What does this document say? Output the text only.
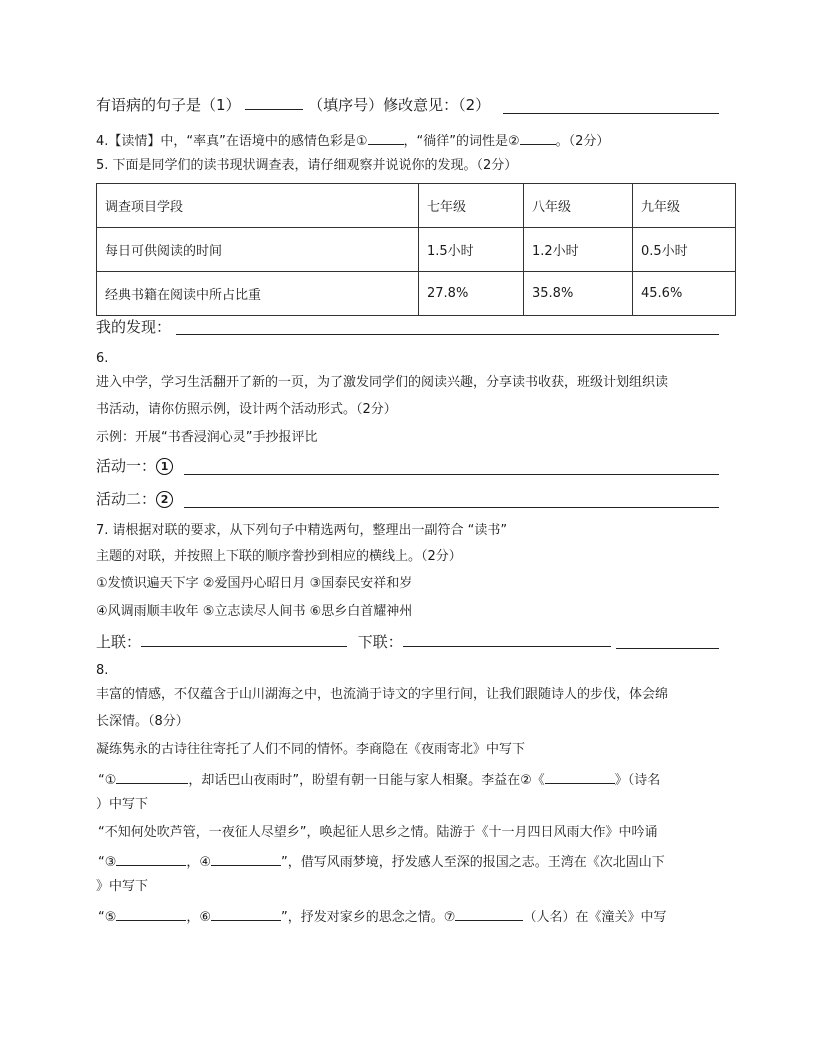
有语病的句子是（1）	（填序号）修改意见：（2）
4.【读情】中，“率真”在语境中的感情色彩是①	，“徜徉”的词性是②	。（2分）
5. 下面是同学们的读书现状调查表，请仔细观察并说说你的发现。（2分）
调查项目学段	七年级	八年级	九年级
每日可供阅读的时间	1.5小时	1.2小时	0.5小时
经典书籍在阅读中所占比重	27.8%	35.8%	45.6%
我的发现：
6.
进入中学，学习生活翻开了新的一页，为了激发同学们的阅读兴趣，分享读书收获，班级计划组织读
书活动，请你仿照示例，设计两个活动形式。（2分）
示例：开展“书香浸润心灵”手抄报评比
活动一： 1
活动二： 2
7. 请根据对联的要求，从下列句子中精选两句，整理出一副符合 “读书”
主题的对联，并按照上下联的顺序誊抄到相应的横线上。（2分）
①发愤识遍天下字 ②爱国丹心昭日月 ③国泰民安祥和岁
④风调雨顺丰收年 ⑤立志读尽人间书 ⑥思乡白首耀神州
上联：	下联：
8.
丰富的情感，不仅蕴含于山川湖海之中，也流淌于诗文的字里行间，让我们跟随诗人的步伐，体会绵
长深情。（8分）
凝练隽永的古诗往往寄托了人们不同的情怀。李商隐在《夜雨寄北》中写下
“①	，却话巴山夜雨时”，盼望有朝一日能与家人相聚。李益在②《	》（诗名
）中写下
“不知何处吹芦管，一夜征人尽望乡”，唤起征人思乡之情。陆游于《十一月四日风雨大作》中吟诵
“③	，④	”，借写风雨梦境，抒发感人至深的报国之志。王湾在《次北固山下
》中写下
“⑤	，⑥	”，抒发对家乡的思念之情。⑦	（人名）在《潼关》中写
